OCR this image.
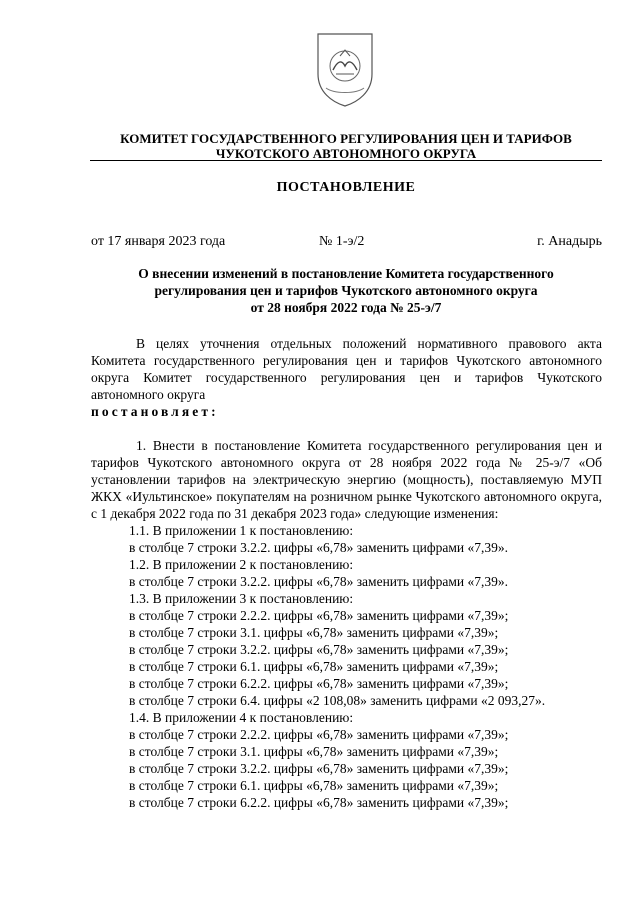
КОМИТЕТ ГОСУДАРСТВЕННОГО РЕГУЛИРОВАНИЯ ЦЕН И ТАРИФОВ
ЧУКОТСКОГО АВТОНОМНОГО ОКРУГА
ПОСТАНОВЛЕНИЕ
от 17 января 2023 года	№ 1-э/2	г. Анадырь
О внесении изменений в постановление Комитета государственного
регулирования цен и тарифов Чукотского автономного округа
от 28 ноября 2022 года № 25-э/7

В целях уточнения отдельных положений нормативного правового акта Комитета государственного регулирования цен и тарифов Чукотского автономного округа Комитет государственного регулирования цен и тарифов Чукотского автономного округа

постановляет:

1. Внести в постановление Комитета государственного регулирования цен и тарифов Чукотского автономного округа от 28 ноября 2022 года № 25-э/7 «Об установлении тарифов на электрическую энергию (мощность), поставляемую МУП ЖКХ «Иультинское» покупателям на розничном рынке Чукотского автономного округа, с 1 декабря 2022 года по 31 декабря 2023 года» следующие изменения:

1.1. В приложении 1 к постановлению:
в столбце 7 строки 3.2.2. цифры «6,78» заменить цифрами «7,39».
1.2. В приложении 2 к постановлению:
в столбце 7 строки 3.2.2. цифры «6,78» заменить цифрами «7,39».
1.3. В приложении 3 к постановлению:
в столбце 7 строки 2.2.2. цифры «6,78» заменить цифрами «7,39»;
в столбце 7 строки 3.1. цифры «6,78» заменить цифрами «7,39»;
в столбце 7 строки 3.2.2. цифры «6,78» заменить цифрами «7,39»;
в столбце 7 строки 6.1. цифры «6,78» заменить цифрами «7,39»;
в столбце 7 строки 6.2.2. цифры «6,78» заменить цифрами «7,39»;
в столбце 7 строки 6.4. цифры «2 108,08» заменить цифрами «2 093,27».
1.4. В приложении 4 к постановлению:
в столбце 7 строки 2.2.2. цифры «6,78» заменить цифрами «7,39»;
в столбце 7 строки 3.1. цифры «6,78» заменить цифрами «7,39»;
в столбце 7 строки 3.2.2. цифры «6,78» заменить цифрами «7,39»;
в столбце 7 строки 6.1. цифры «6,78» заменить цифрами «7,39»;
в столбце 7 строки 6.2.2. цифры «6,78» заменить цифрами «7,39»;
